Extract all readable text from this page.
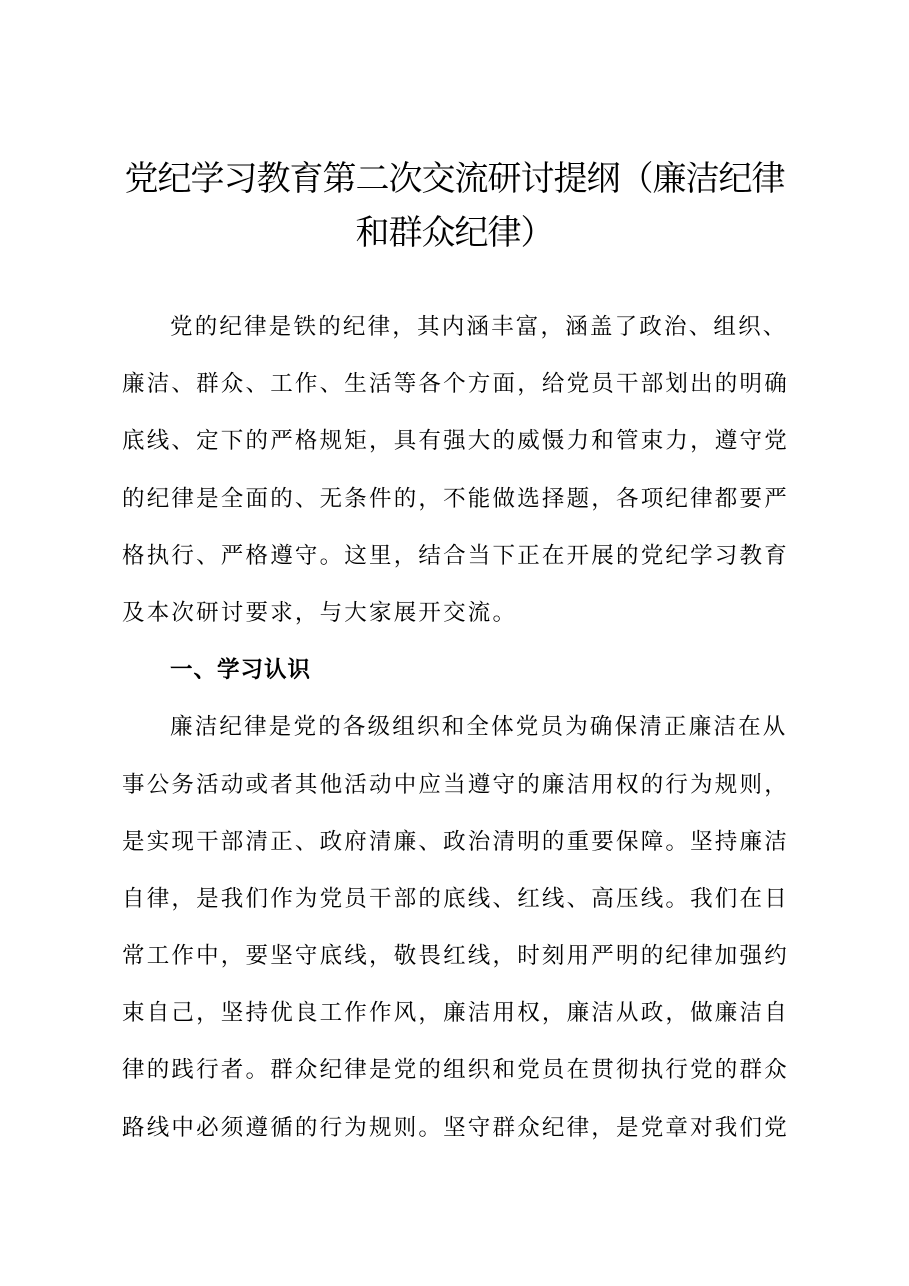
党纪学习教育第二次交流研讨提纲（廉洁纪律
和群众纪律）
党的纪律是铁的纪律，其内涵丰富，涵盖了政治、组织、
廉洁、群众、工作、生活等各个方面，给党员干部划出的明确
底线、定下的严格规矩，具有强大的威慑力和管束力，遵守党
的纪律是全面的、无条件的，不能做选择题，各项纪律都要严
格执行、严格遵守。这里，结合当下正在开展的党纪学习教育
及本次研讨要求，与大家展开交流。
一、学习认识
廉洁纪律是党的各级组织和全体党员为确保清正廉洁在从
事公务活动或者其他活动中应当遵守的廉洁用权的行为规则，
是实现干部清正、政府清廉、政治清明的重要保障。坚持廉洁
自律，是我们作为党员干部的底线、红线、高压线。我们在日
常工作中，要坚守底线，敬畏红线，时刻用严明的纪律加强约
束自己，坚持优良工作作风，廉洁用权，廉洁从政，做廉洁自
律的践行者。群众纪律是党的组织和党员在贯彻执行党的群众
路线中必须遵循的行为规则。坚守群众纪律，是党章对我们党
